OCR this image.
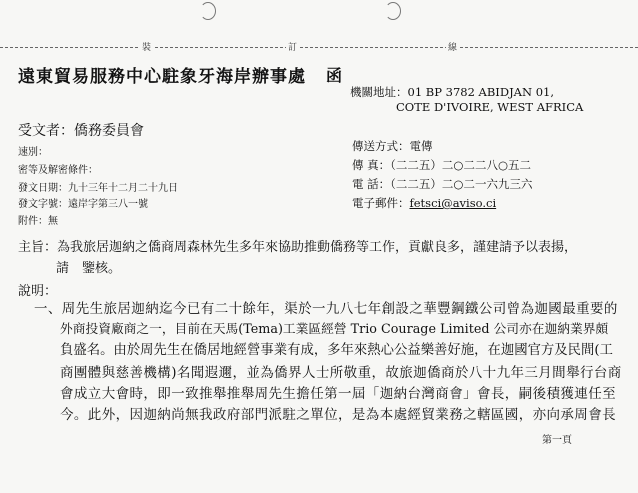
裝	訂	線
遠東貿易服務中心駐象牙海岸辦事處 函
機關地址：01 BP 3782 ABIDJAN 01,
COTE D'IVOIRE, WEST AFRICA
受文者：僑務委員會
速別：
密等及解密條件：
發文日期：九十三年十二月二十九日
發文字號：遠岸字第三八一號
附件：無
傳送方式：電傳
傳 真：（二二五）二○二二八○五二
電 話：（二二五）二○二一六九三六
電子郵件：fetsci@aviso.ci
主旨：為我旅居迦納之僑商周森林先生多年來協助推動僑務等工作，貢獻良多，謹建請予以表揚，
請　鑒核。
說明：
一、周先生旅居迦納迄今已有二十餘年，渠於一九八七年創設之華豐鋼鐵公司曾為迦國最重要的
外商投資廠商之一，目前在天馬(Tema)工業區經營 Trio Courage Limited 公司亦在迦納業界頗
負盛名。由於周先生在僑居地經營事業有成，多年來熱心公益樂善好施，在迦國官方及民間(工
商團體與慈善機構)名聞遐邇，並為僑界人士所敬重，故旅迦僑商於八十九年三月間舉行台商
會成立大會時，即一致推舉推舉周先生擔任第一屆「迦納台灣商會」會長，嗣後積獲連任至
今。此外，因迦納尚無我政府部門派駐之單位，是為本處經貿業務之轄區國，亦向承周會長
第一頁
